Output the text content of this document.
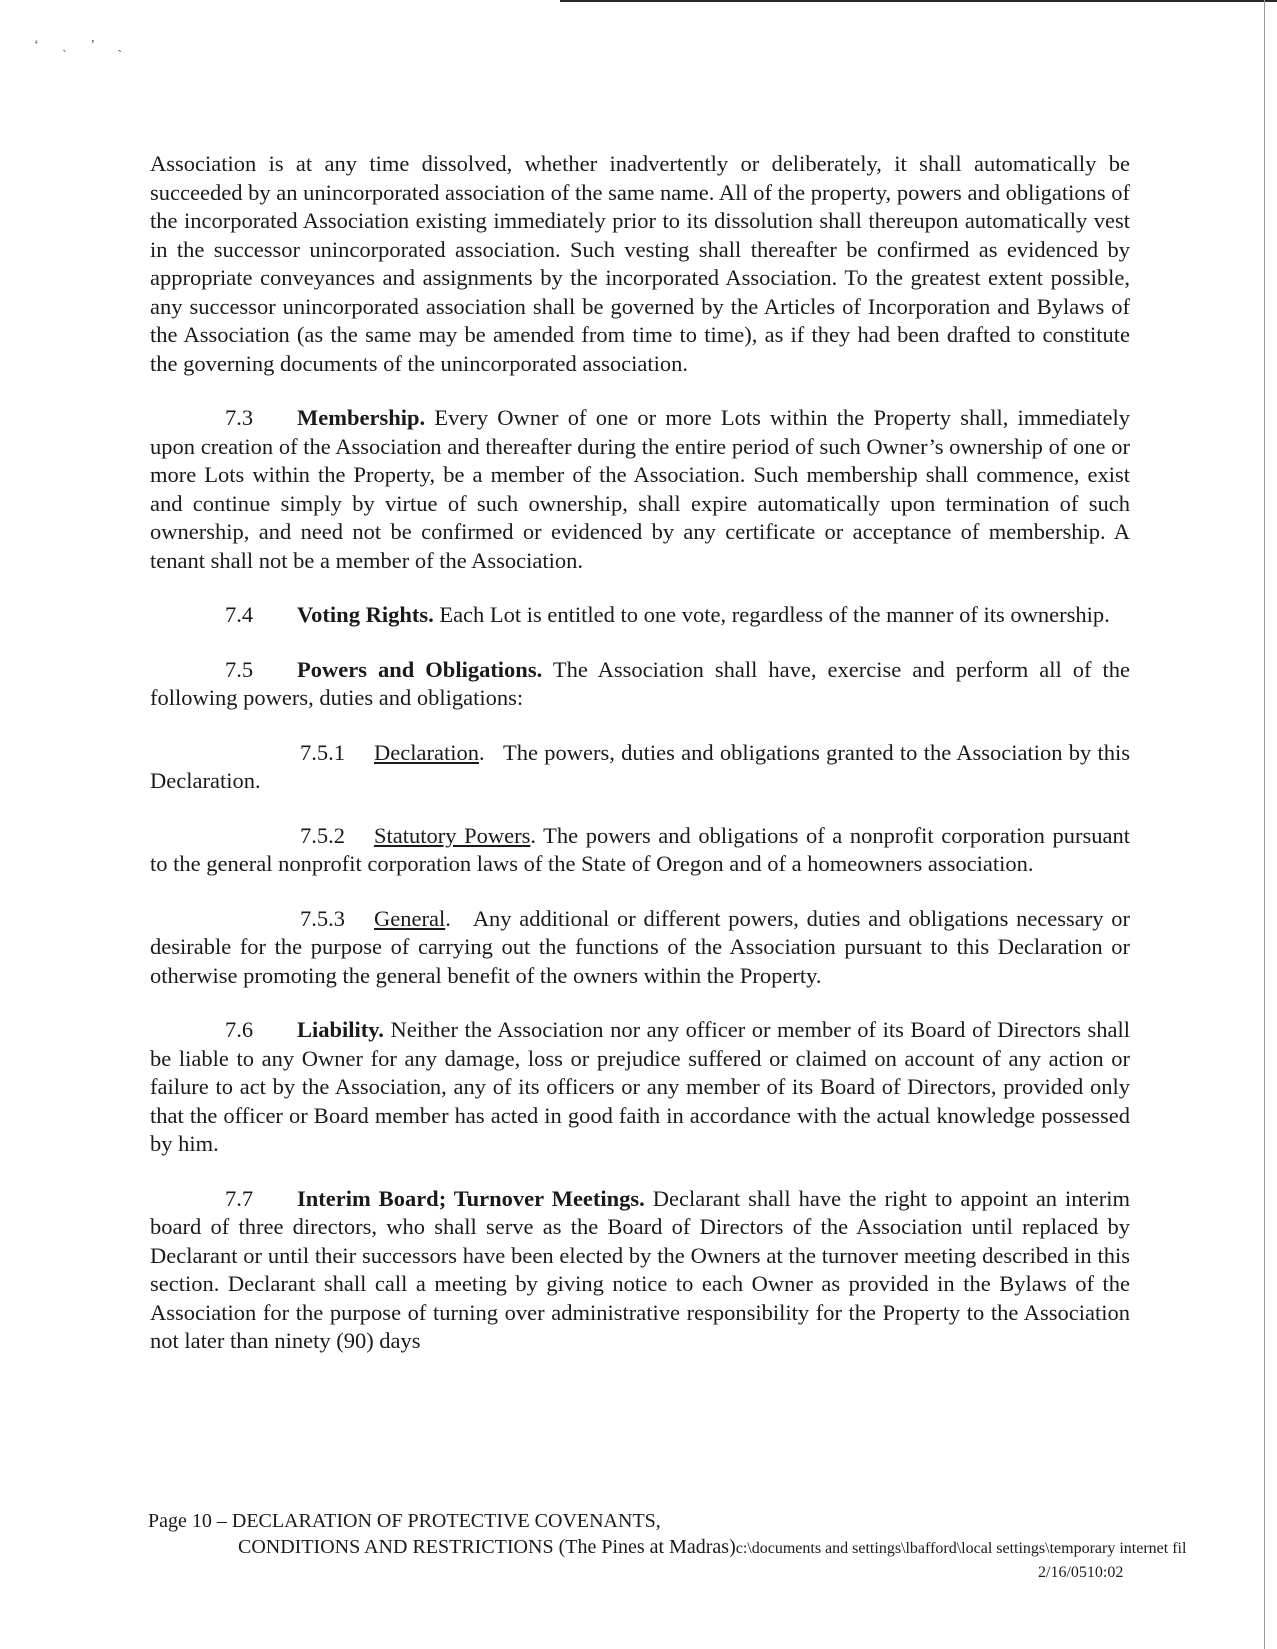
‘ ˎ ’ ˎ

Association is at any time dissolved, whether inadvertently or deliberately, it shall automatically be succeeded by an unincorporated association of the same name. All of the property, powers and obligations of the incorporated Association existing immediately prior to its dissolution shall thereupon automatically vest in the successor unincorporated association. Such vesting shall thereafter be confirmed as evidenced by appropriate conveyances and assignments by the incorporated Association. To the greatest extent possible, any successor unincorporated association shall be governed by the Articles of Incorporation and Bylaws of the Association (as the same may be amended from time to time), as if they had been drafted to constitute the governing documents of the unincorporated association.

7.3 Membership. Every Owner of one or more Lots within the Property shall, immediately upon creation of the Association and thereafter during the entire period of such Owner’s ownership of one or more Lots within the Property, be a member of the Association. Such membership shall commence, exist and continue simply by virtue of such ownership, shall expire automatically upon termination of such ownership, and need not be confirmed or evidenced by any certificate or acceptance of membership. A tenant shall not be a member of the Association.

7.4 Voting Rights. Each Lot is entitled to one vote, regardless of the manner of its ownership.

7.5 Powers and Obligations. The Association shall have, exercise and perform all of the following powers, duties and obligations:

7.5.1 Declaration.   The powers, duties and obligations granted to the Association by this Declaration.

7.5.2 Statutory Powers. The powers and obligations of a nonprofit corporation pursuant to the general nonprofit corporation laws of the State of Oregon and of a homeowners association.

7.5.3 General.   Any additional or different powers, duties and obligations necessary or desirable for the purpose of carrying out the functions of the Association pursuant to this Declaration or otherwise promoting the general benefit of the owners within the Property.

7.6 Liability. Neither the Association nor any officer or member of its Board of Directors shall be liable to any Owner for any damage, loss or prejudice suffered or claimed on account of any action or failure to act by the Association, any of its officers or any member of its Board of Directors, provided only that the officer or Board member has acted in good faith in accordance with the actual knowledge possessed by him.

7.7 Interim Board; Turnover Meetings. Declarant shall have the right to appoint an interim board of three directors, who shall serve as the Board of Directors of the Association until replaced by Declarant or until their successors have been elected by the Owners at the turnover meeting described in this section. Declarant shall call a meeting by giving notice to each Owner as provided in the Bylaws of the Association for the purpose of turning over administrative responsibility for the Property to the Association not later than ninety (90) days

Page 10 – DECLARATION OF PROTECTIVE COVENANTS,
CONDITIONS AND RESTRICTIONS (The Pines at Madras)c:\documents and settings\lbafford\local settings\temporary internet fil
2/16/0510:02
